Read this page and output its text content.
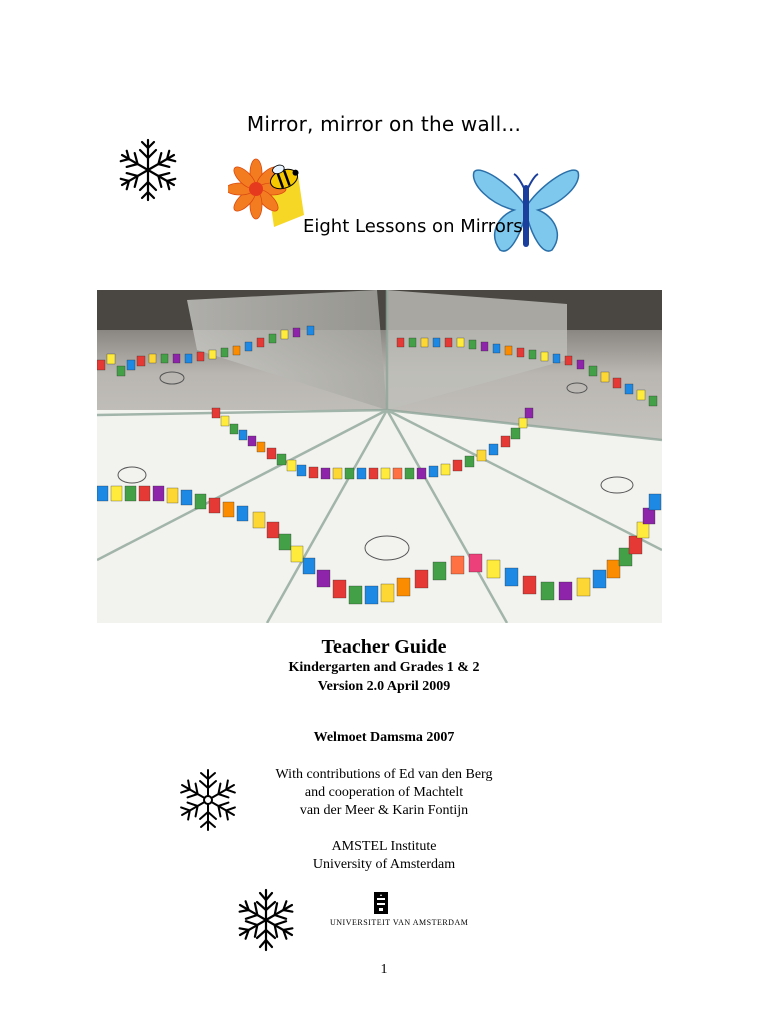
Mirror, mirror on the wall...
Eight Lessons on Mirrors
Teacher Guide
Kindergarten and Grades 1 & 2
Version 2.0 April 2009
Welmoet Damsma 2007
With contributions of Ed van den Berg
and cooperation of Machtelt
van der Meer & Karin Fontijn
AMSTEL Institute
University of Amsterdam
UNIVERSITEIT VAN AMSTERDAM
1
